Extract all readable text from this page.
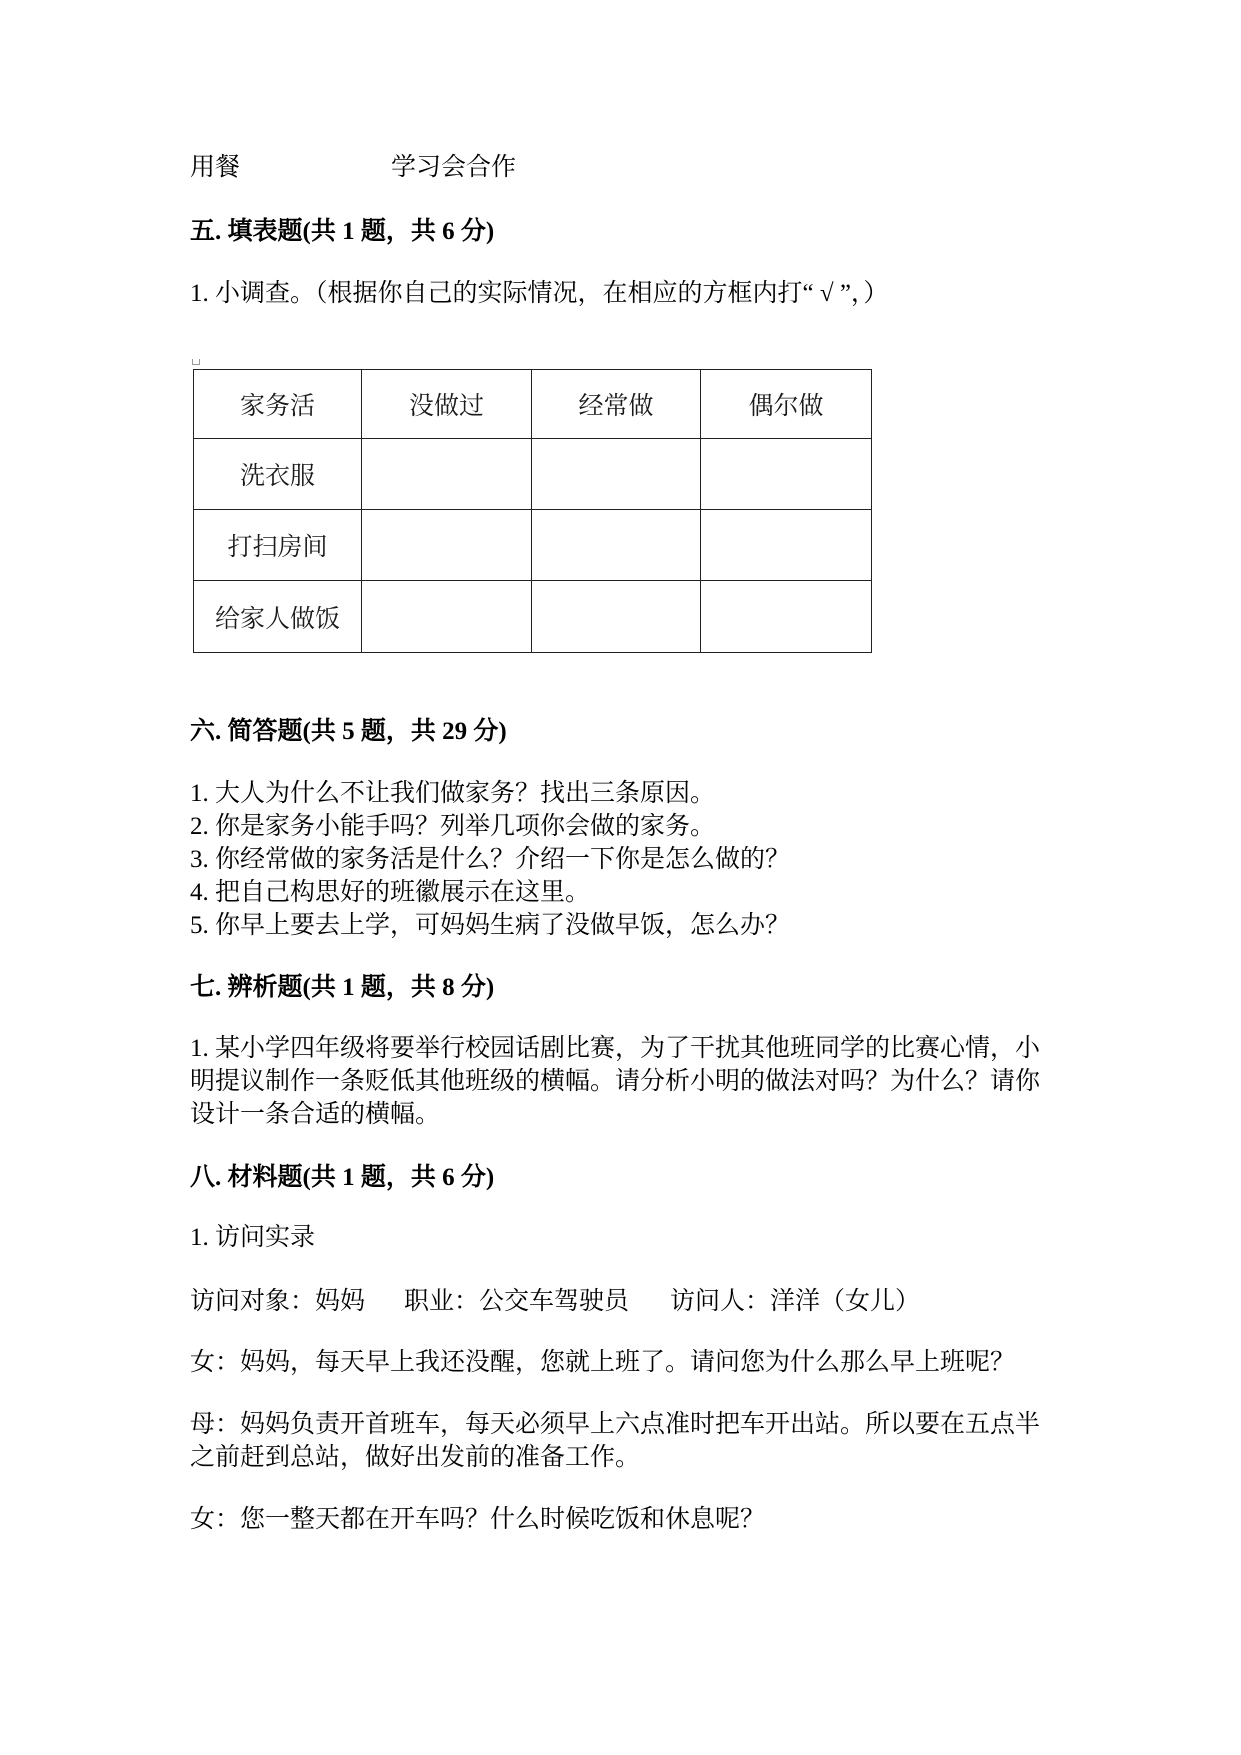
用餐	学习会合作
五. 填表题(共 1 题，共 6 分)
1. 小调查。（根据你自己的实际情况，在相应的方框内打“ √ ”，）
家务活	没做过	经常做	偶尔做
洗衣服			
打扫房间			
给家人做饭			
六. 简答题(共 5 题，共 29 分)
1. 大人为什么不让我们做家务？找出三条原因。
2. 你是家务小能手吗？列举几项你会做的家务。
3. 你经常做的家务活是什么？介绍一下你是怎么做的？
4. 把自己构思好的班徽展示在这里。
5. 你早上要去上学，可妈妈生病了没做早饭，怎么办？
七. 辨析题(共 1 题，共 8 分)
1. 某小学四年级将要举行校园话剧比赛，为了干扰其他班同学的比赛心情，小
明提议制作一条贬低其他班级的横幅。请分析小明的做法对吗？为什么？请你
设计一条合适的横幅。
八. 材料题(共 1 题，共 6 分)
1. 访问实录
访问对象：妈妈 职业：公交车驾驶员 访问人：洋洋（女儿）
女：妈妈，每天早上我还没醒，您就上班了。请问您为什么那么早上班呢？
母：妈妈负责开首班车，每天必须早上六点准时把车开出站。所以要在五点半
之前赶到总站，做好出发前的准备工作。
女：您一整天都在开车吗？什么时候吃饭和休息呢？
